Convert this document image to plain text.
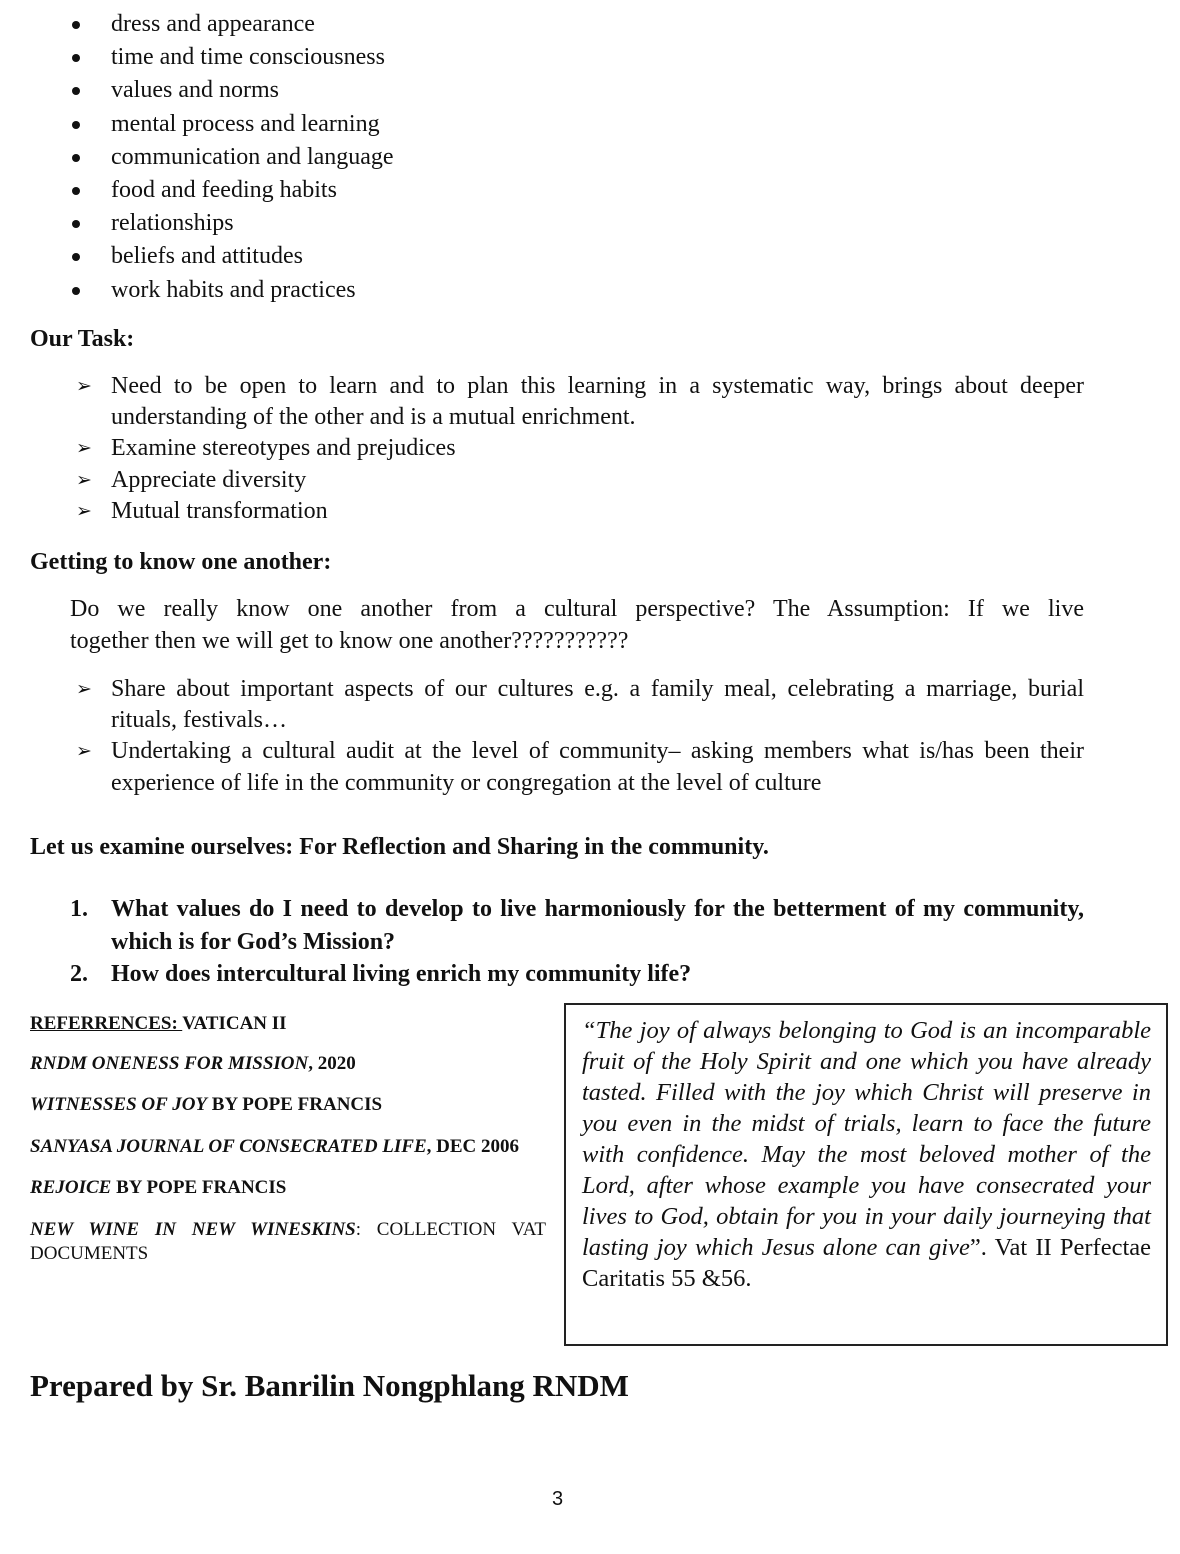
dress and appearance
time and time consciousness
values and norms
mental process and learning
communication and language
food and feeding habits
relationships
beliefs and attitudes
work habits and practices
Our Task:
➢ Need to be open to learn and to plan this learning in a systematic way, brings about deeper understanding of the other and is a mutual enrichment.
➢ Examine stereotypes and prejudices
➢ Appreciate diversity
➢ Mutual transformation
Getting to know one another:
Do we really know one another from a cultural perspective? The Assumption: If we live
together then we will get to know one another???????????
➢ Share about important aspects of our cultures e.g. a family meal, celebrating a marriage, burial rituals, festivals…
➢ Undertaking a cultural audit at the level of community– asking members what is/has been their experience of life in the community or congregation at the level of culture
Let us examine ourselves: For Reflection and Sharing in the community.
1. What values do I need to develop to live harmoniously for the betterment of my community, which is for God’s Mission?
2. How does intercultural living enrich my community life?

REFERRENCES: VATICAN II

RNDM ONENESS FOR MISSION, 2020

WITNESSES OF JOY BY POPE FRANCIS

SANYASA JOURNAL OF CONSECRATED LIFE, DEC 2006

REJOICE BY POPE FRANCIS

NEW WINE IN NEW WINESKINS: COLLECTION VAT DOCUMENTS

“The joy of always belonging to God is an incomparable fruit of the Holy Spirit and one which you have already tasted. Filled with the joy which Christ will preserve in you even in the midst of trials, learn to face the future with confidence. May the most beloved mother of the Lord, after whose example you have consecrated your lives to God, obtain for you in your daily journeying that lasting joy which Jesus alone can give”. Vat II Perfectae Caritatis 55 &56.
Prepared by Sr. Banrilin Nongphlang RNDM
3
